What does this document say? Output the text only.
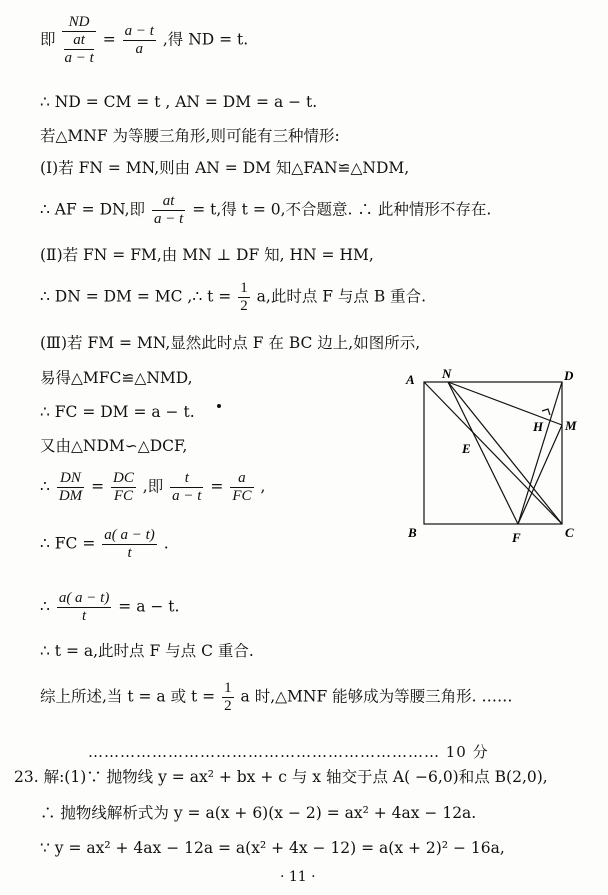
即 ND
at
$a - t = \frac{a - t}{a}$ ,得 ND = t.
∴ ND = CM = t , AN = DM = a − t.
若△MNF 为等腰三角形,则可能有三种情形:
(Ⅰ)若 FN = MN,则由 AN = DM 知△FAN≌△NDM,
∴ AF = DN,即 $\frac{at}{a - t} = t$,得 t = 0,不合题意. ∴ 此种情形不存在.
(Ⅱ)若 FN = FM,由 MN ⊥ DF 知, HN = HM,
∴ DN = DM = MC ,∴ $t = \frac{1}{2} a$,此时点 F 与点 B 重合.
(Ⅲ)若 FM = MN,显然此时点 F 在 BC 边上,如图所示,
易得△MFC≌△NMD,
∴ FC = DM = a − t.
又由△NDM∽△DCF,
∴ $\frac{DN}{DM} = \frac{DC}{FC}$ ,即 $\frac{t}{a - t} = \frac{a}{FC}$ ,
∴ FC = $\frac{a( a - t)}{t}$ .
∴ $\frac{a( a - t)}{t} = a - t$.
∴ t = a,此时点 F 与点 C 重合.
综上所述,当 t = a 或 $t = \frac{1}{2}$ a 时,△MNF 能够成为等腰三角形. ……
………………………………………………………… 10 分
23. 解:(1)∵ 抛物线 y = ax² + bx + c 与 x 轴交于点 A( −6,0)和点 B(2,0),
∴ 抛物线解析式为 y = a(x + 6)(x − 2) = ax² + 4ax − 12a.
∵ y = ax² + 4ax − 12a = a(x² + 4x − 12) = a(x + 2)² − 16a,
· 11 ·
A N	D
H M
E
B	F	C
